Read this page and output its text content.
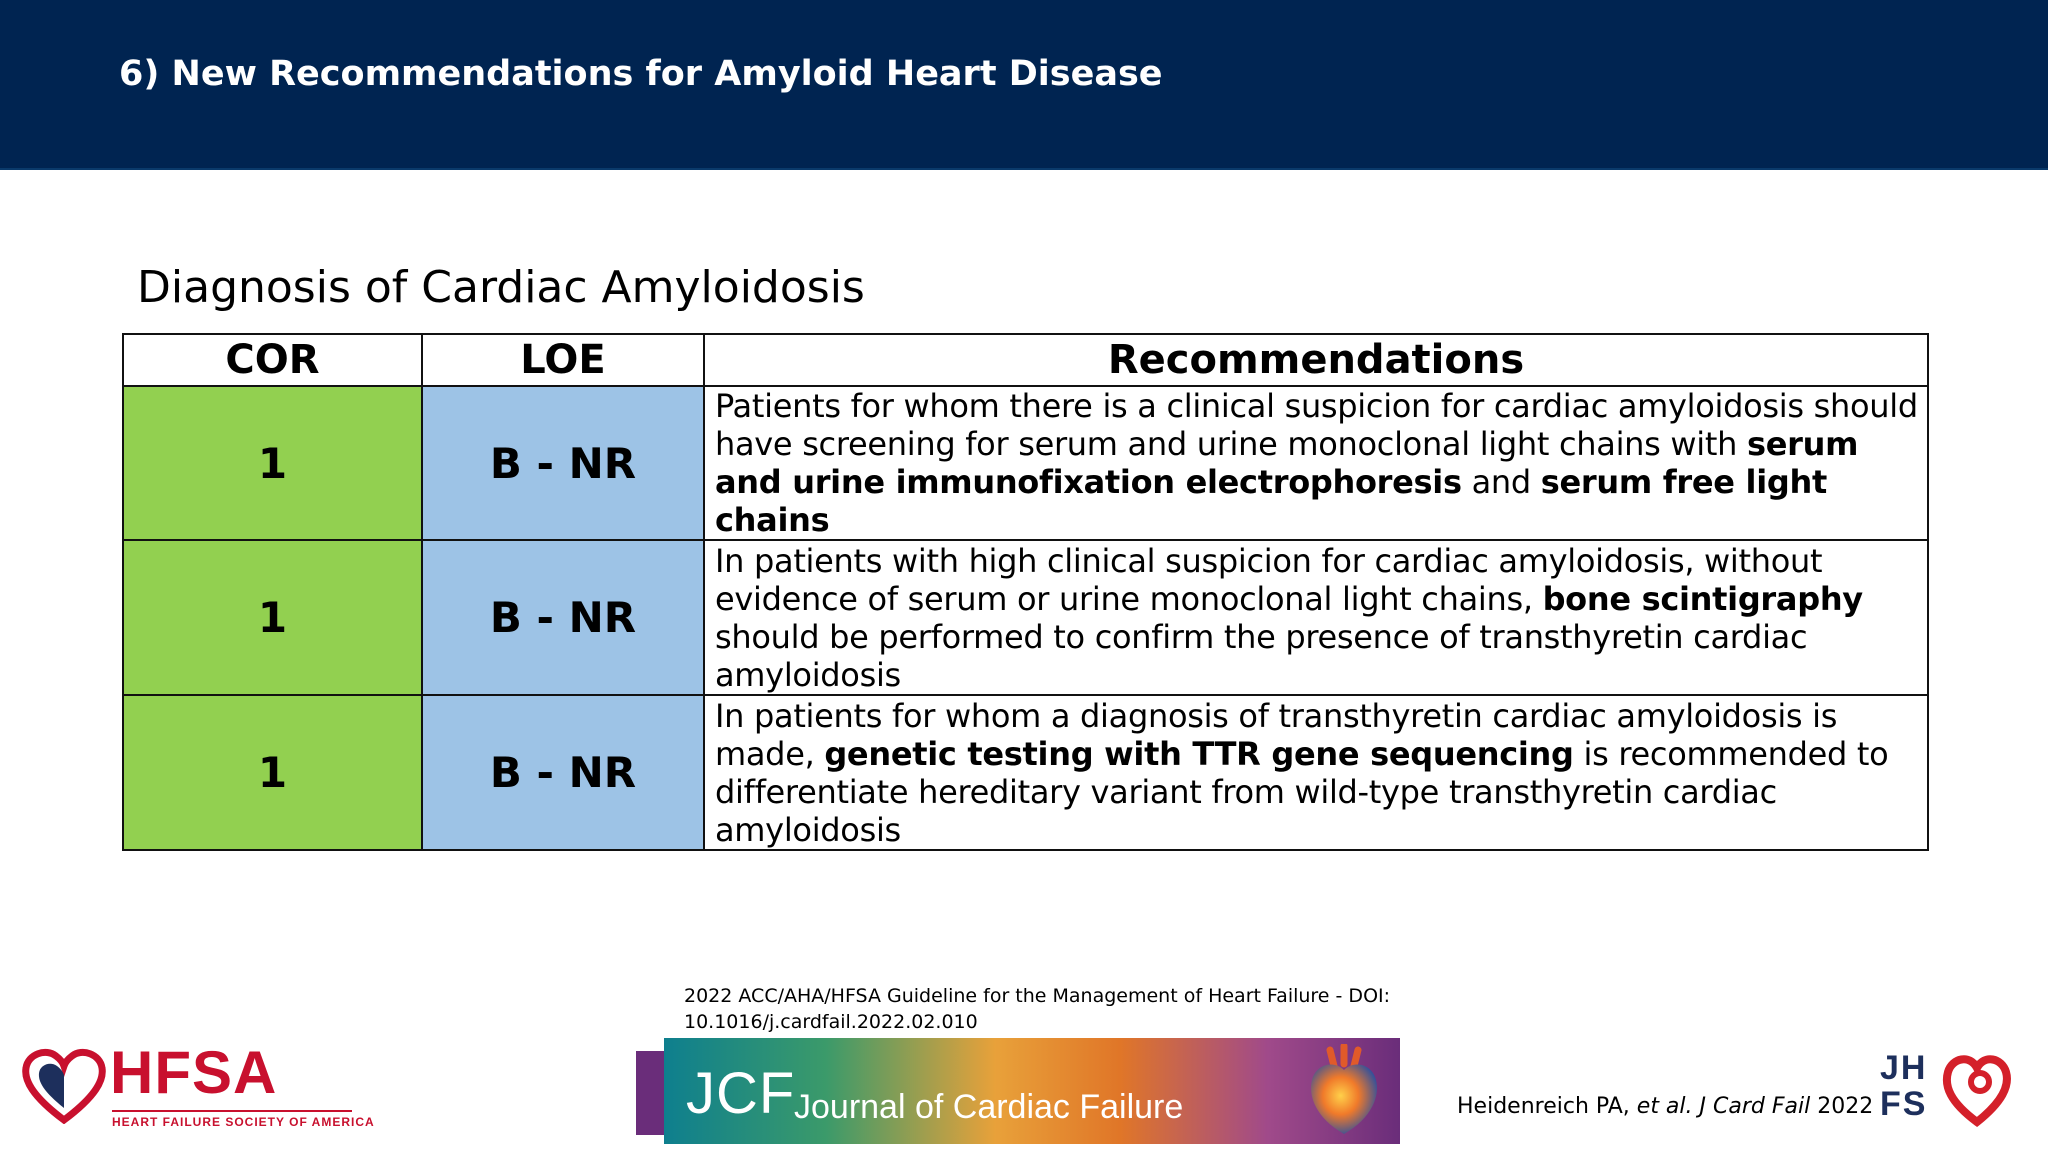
6) New Recommendations for Amyloid Heart Disease
Diagnosis of Cardiac Amyloidosis
COR	LOE	Recommendations
1	B - NR	Patients for whom there is a clinical suspicion for cardiac amyloidosis should have screening for serum and urine monoclonal light chains with serum and urine immunofixation electrophoresis and serum free light chains
1	B - NR	In patients with high clinical suspicion for cardiac amyloidosis, without evidence of serum or urine monoclonal light chains, bone scintigraphy should be performed to confirm the presence of transthyretin cardiac amyloidosis
1	B - NR	In patients for whom a diagnosis of transthyretin cardiac amyloidosis is made, genetic testing with TTR gene sequencing is recommended to differentiate hereditary variant from wild-type transthyretin cardiac amyloidosis
2022 ACC/AHA/HFSA Guideline for the Management of Heart Failure - DOI:
10.1016/j.cardfail.2022.02.010
HFSA
HEART FAILURE SOCIETY OF AMERICA	JCF
Journal of Cardiac Failure	Heidenreich PA, et al. J Card Fail 2022
JH
FS
